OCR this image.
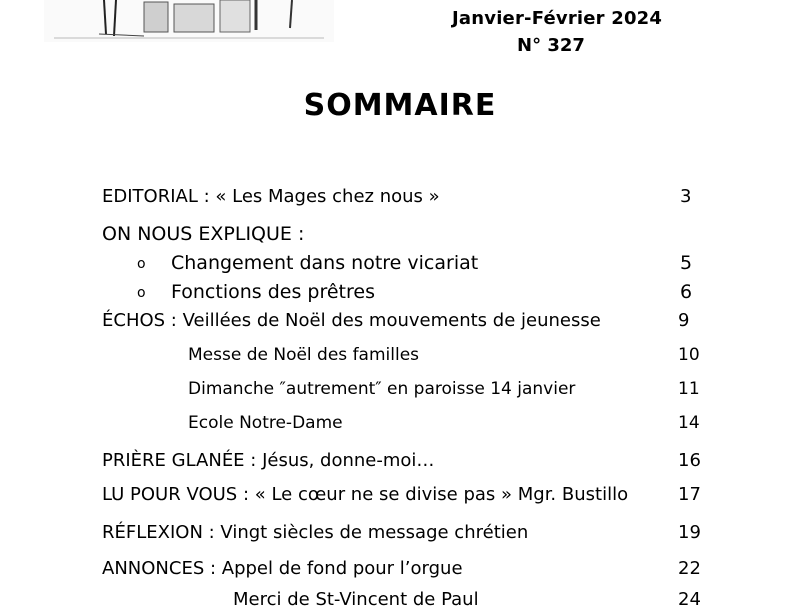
Janvier-Février 2024
N° 327
SOMMAIRE
EDITORIAL : « Les Mages chez nous »	3
ON NOUS EXPLIQUE :
o Changement dans notre vicariat	5
o Fonctions des prêtres	6
ÉCHOS : Veillées de Noël des mouvements de jeunesse	9
Messe de Noël des familles	10
Dimanche ″autrement″ en paroisse 14 janvier	11
Ecole Notre-Dame	14
PRIÈRE GLANÉE : Jésus, donne-moi…	16
LU POUR VOUS : « Le cœur ne se divise pas » Mgr. Bustillo	17
RÉFLEXION : Vingt siècles de message chrétien	19
ANNONCES : Appel de fond pour l’orgue	22
Merci de St-Vincent de Paul	24
